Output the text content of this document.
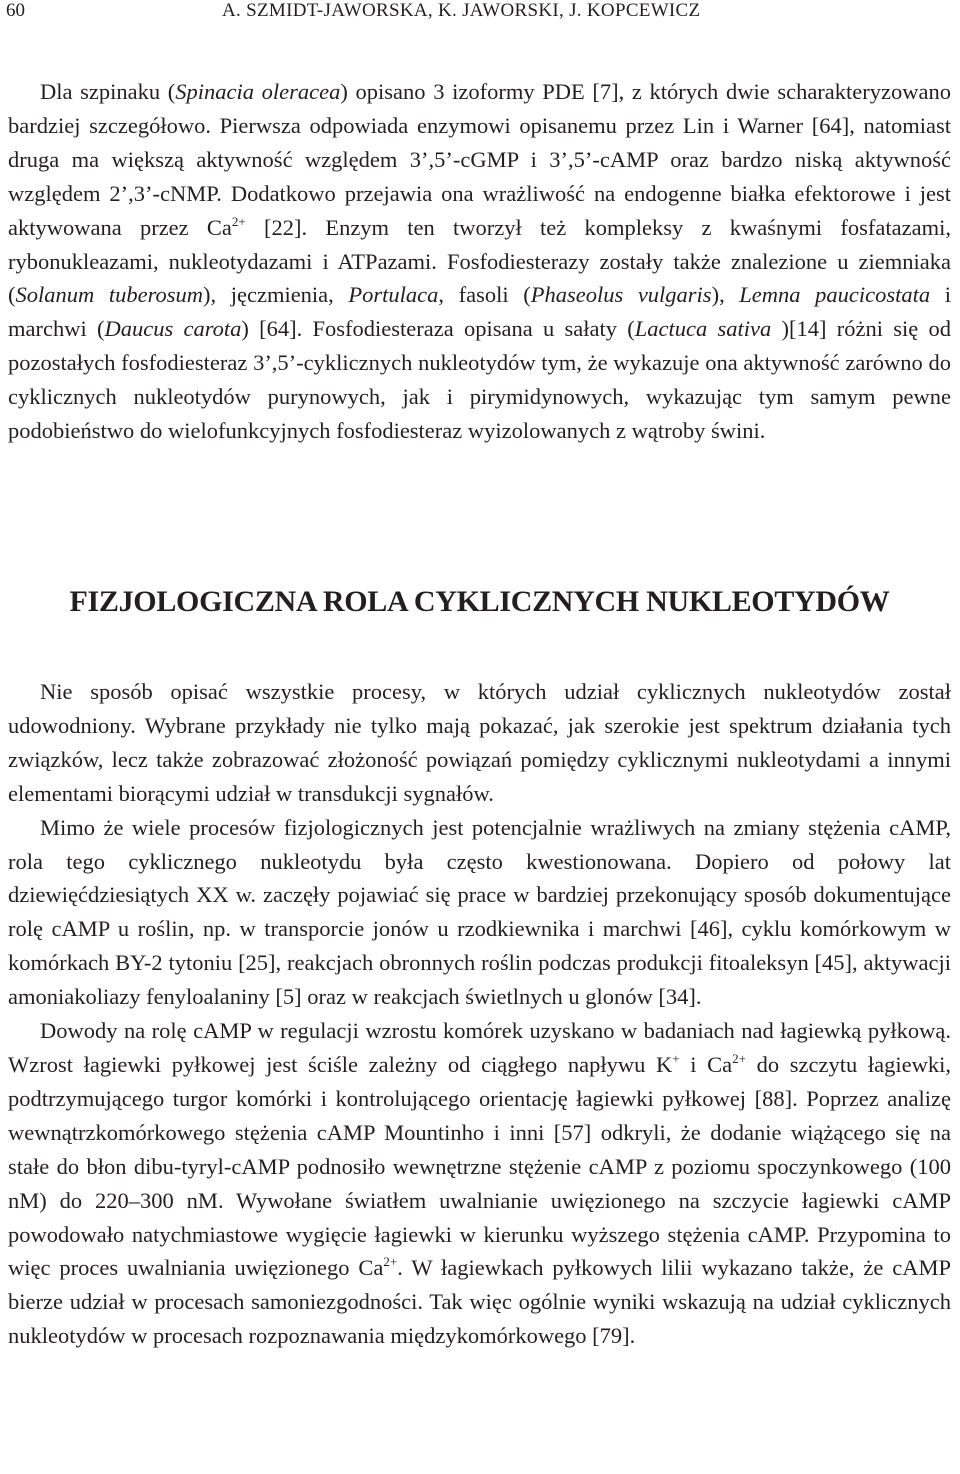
60	A. SZMIDT-JAWORSKA, K. JAWORSKI, J. KOPCEWICZ

Dla szpinaku (Spinacia oleracea) opisano 3 izoformy PDE [7], z których dwie scharakteryzowano bardziej szczegółowo. Pierwsza odpowiada enzymowi opisanemu przez Lin i Warner [64], natomiast druga ma większą aktywność względem 3’,5’-cGMP i 3’,5’-cAMP oraz bardzo niską aktywność względem 2’,3’-cNMP. Dodatkowo przejawia ona wrażliwość na endogenne białka efektorowe i jest aktywowana przez $Ca^{2+}$ [22]. Enzym ten tworzył też kompleksy z kwaśnymi fosfatazami, rybonukleazami, nukleotydazami i ATPazami. Fosfodiesterazy zostały także znalezione u ziemniaka (Solanum tuberosum), jęczmienia, Portulaca, fasoli (Phaseolus vulgaris), Lemna paucicostata i marchwi (Daucus carota) [64]. Fosfodiesteraza opisana u sałaty (Lactuca sativa )[14] różni się od pozostałych fosfodiesteraz 3’,5’-cyklicznych nukleotydów tym, że wykazuje ona aktywność zarówno do cyklicznych nukleotydów purynowych, jak i pirymidynowych, wykazując tym samym pewne podobieństwo do wielofunkcyjnych fosfodiesteraz wyizolowanych z wątroby świni.

FIZJOLOGICZNA ROLA CYKLICZNYCH NUKLEOTYDÓW

Nie sposób opisać wszystkie procesy, w których udział cyklicznych nukleotydów został udowodniony. Wybrane przykłady nie tylko mają pokazać, jak szerokie jest spektrum działania tych związków, lecz także zobrazować złożoność powiązań pomiędzy cyklicznymi nukleotydami a innymi elementami biorącymi udział w transdukcji sygnałów.

Mimo że wiele procesów fizjologicznych jest potencjalnie wrażliwych na zmiany stężenia cAMP, rola tego cyklicznego nukleotydu była często kwestionowana. Dopiero od połowy lat dziewięćdziesiątych XX w. zaczęły pojawiać się prace w bardziej przekonujący sposób dokumentujące rolę cAMP u roślin, np. w transporcie jonów u rzodkiewnika i marchwi [46], cyklu komórkowym w komórkach BY-2 tytoniu [25], reakcjach obronnych roślin podczas produkcji fitoaleksyn [45], aktywacji amoniakoliazy fenyloalaniny [5] oraz w reakcjach świetlnych u glonów [34].

Dowody na rolę cAMP w regulacji wzrostu komórek uzyskano w badaniach nad łagiewką pyłkową. Wzrost łagiewki pyłkowej jest ściśle zależny od ciągłego napływu K+ i $Ca^{2+}$ do szczytu łagiewki, podtrzymującego turgor komórki i kontrolującego orientację łagiewki pyłkowej [88]. Poprzez analizę wewnątrzkomórkowego stężenia cAMP Mountinho i inni [57] odkryli, że dodanie wiążącego się na stałe do błon dibu-tyryl-cAMP podnosiło wewnętrzne stężenie cAMP z poziomu spoczynkowego (100 nM) do 220–300 nM. Wywołane światłem uwalnianie uwięzionego na szczycie łagiewki cAMP powodowało natychmiastowe wygięcie łagiewki w kierunku wyższego stężenia cAMP. Przypomina to więc proces uwalniania uwięzionego $Ca^{2+}$. W łagiewkach pyłkowych lilii wykazano także, że cAMP bierze udział w procesach samoniezgodności. Tak więc ogólnie wyniki wskazują na udział cyklicznych nukleotydów w procesach rozpoznawania międzykomórkowego [79].
